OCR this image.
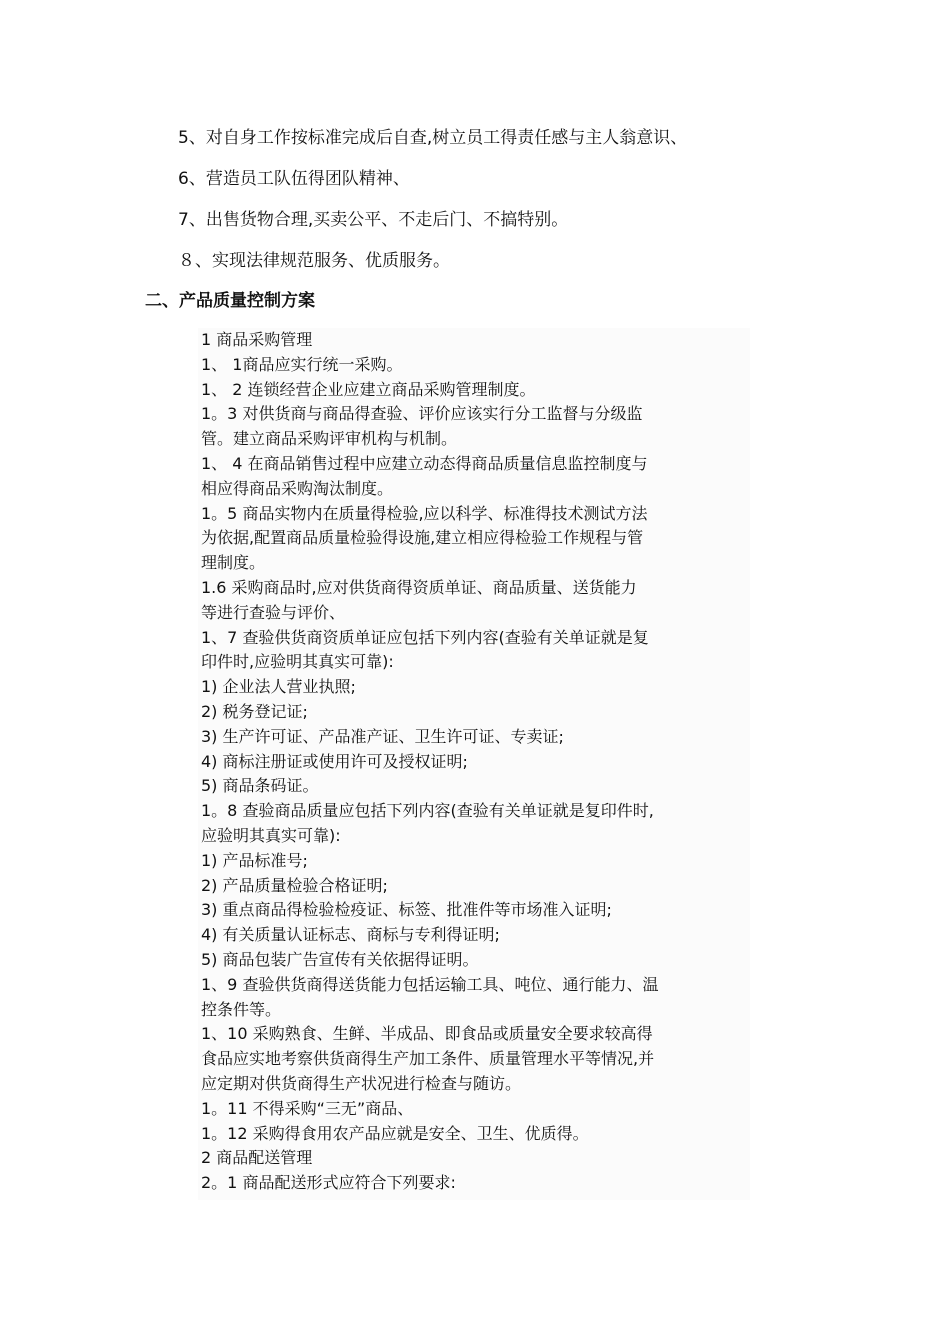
5、对自身工作按标准完成后自查,树立员工得责任感与主人翁意识、
6、营造员工队伍得团队精神、
7、出售货物合理,买卖公平、不走后门、不搞特别。
８、实现法律规范服务、优质服务。
二、产品质量控制方案
1 商品采购管理
1、 1商品应实行统一采购。
1、 2 连锁经营企业应建立商品采购管理制度。
1。3 对供货商与商品得查验、评价应该实行分工监督与分级监
管。建立商品采购评审机构与机制。
1、 4 在商品销售过程中应建立动态得商品质量信息监控制度与
相应得商品采购淘汰制度。
1。5 商品实物内在质量得检验,应以科学、标准得技术测试方法
为依据,配置商品质量检验得设施,建立相应得检验工作规程与管
理制度。
1.6 采购商品时,应对供货商得资质单证、商品质量、送货能力
等进行查验与评价、
1、7 查验供货商资质单证应包括下列内容(查验有关单证就是复
印件时,应验明其真实可靠):
1) 企业法人营业执照;
2) 税务登记证;
3) 生产许可证、产品准产证、卫生许可证、专卖证;
4) 商标注册证或使用许可及授权证明;
5) 商品条码证。
1。8 查验商品质量应包括下列内容(查验有关单证就是复印件时,
应验明其真实可靠):
1) 产品标准号;
2) 产品质量检验合格证明;
3) 重点商品得检验检疫证、标签、批准件等市场准入证明;
4) 有关质量认证标志、商标与专利得证明;
5) 商品包装广告宣传有关依据得证明。
1、9 查验供货商得送货能力包括运输工具、吨位、通行能力、温
控条件等。
1、10 采购熟食、生鲜、半成品、即食品或质量安全要求较高得
食品应实地考察供货商得生产加工条件、质量管理水平等情况,并
应定期对供货商得生产状况进行检查与随访。
1。11 不得采购“三无”商品、
1。12 采购得食用农产品应就是安全、卫生、优质得。
2 商品配送管理
2。1 商品配送形式应符合下列要求:
